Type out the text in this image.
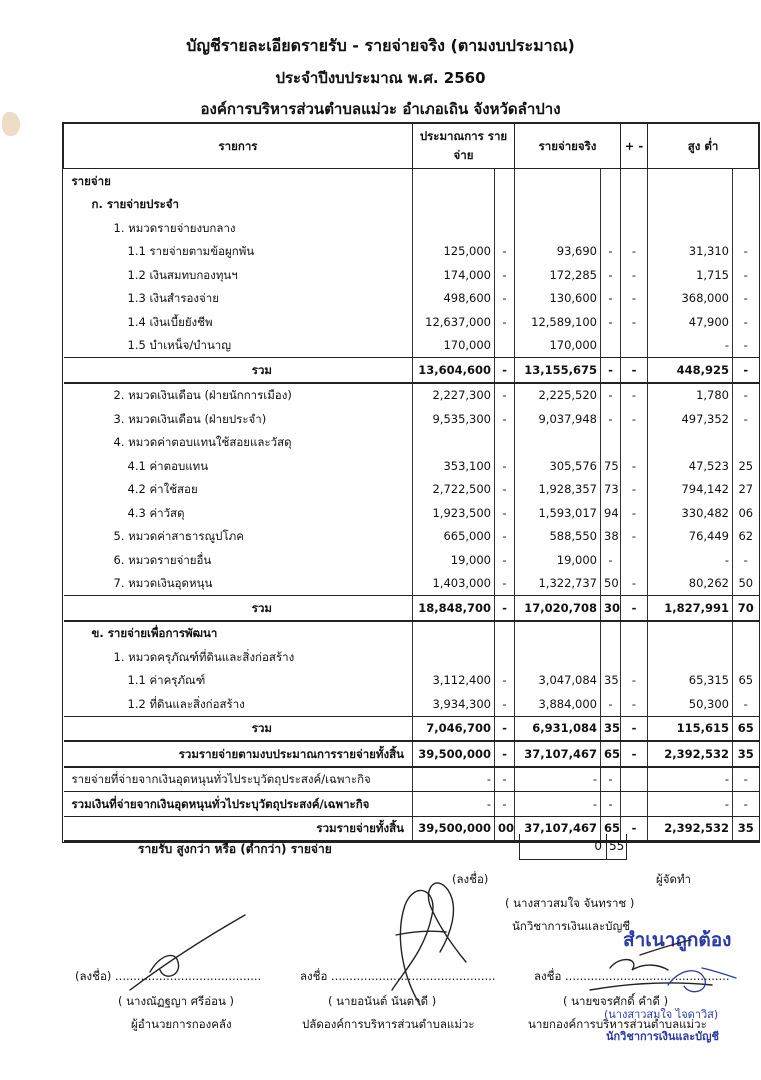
บัญชีรายละเอียดรายรับ - รายจ่ายจริง (ตามงบประมาณ)
ประจำปีงบประมาณ พ.ศ. 2560
องค์การบริหารส่วนตำบลแม่วะ อำเภอเถิน จังหวัดลำปาง
รายการ	ประมาณการ รายจ่าย		รายจ่ายจริง		+ -	สูง ต่ำ	
รายจ่าย							
ก. รายจ่ายประจำ							
1. หมวดรายจ่ายงบกลาง							
1.1 รายจ่ายตามข้อผูกพัน	125,000	-	93,690	-	-	31,310	-
1.2 เงินสมทบกองทุนฯ	174,000	-	172,285	-	-	1,715	-
1.3 เงินสำรองจ่าย	498,600	-	130,600	-	-	368,000	-
1.4 เงินเบี้ยยังชีพ	12,637,000	-	12,589,100	-	-	47,900	-
1.5 บำเหน็จ/บำนาญ	170,000		170,000			-	-
รวม	13,604,600	-	13,155,675	-	-	448,925	-
2. หมวดเงินเดือน (ฝ่ายนักการเมือง)	2,227,300	-	2,225,520	-	-	1,780	-
3. หมวดเงินเดือน (ฝ่ายประจำ)	9,535,300	-	9,037,948	-	-	497,352	-
4. หมวดค่าตอบแทนใช้สอยและวัสดุ							
4.1 ค่าตอบแทน	353,100	-	305,576	75	-	47,523	25
4.2 ค่าใช้สอย	2,722,500	-	1,928,357	73	-	794,142	27
4.3 ค่าวัสดุ	1,923,500	-	1,593,017	94	-	330,482	06
5. หมวดค่าสาธารณูปโภค	665,000	-	588,550	38	-	76,449	62
6. หมวดรายจ่ายอื่น	19,000	-	19,000	-		-	-
7. หมวดเงินอุดหนุน	1,403,000	-	1,322,737	50	-	80,262	50
รวม	18,848,700	-	17,020,708	30	-	1,827,991	70
ข. รายจ่ายเพื่อการพัฒนา							
1. หมวดครุภัณฑ์ที่ดินและสิ่งก่อสร้าง							
1.1 ค่าครุภัณฑ์	3,112,400	-	3,047,084	35	-	65,315	65
1.2 ที่ดินและสิ่งก่อสร้าง	3,934,300	-	3,884,000	-	-	50,300	-
รวม	7,046,700	-	6,931,084	35	-	115,615	65
รวมรายจ่ายตามงบประมาณการรายจ่ายทั้งสิ้น	39,500,000	-	37,107,467	65	-	2,392,532	35
รายจ่ายที่จ่ายจากเงินอุดหนุนทั่วไประบุวัตถุประสงค์/เฉพาะกิจ	-	-	-	-		-	-
รวมเงินที่จ่ายจากเงินอุดหนุนทั่วไประบุวัตถุประสงค์/เฉพาะกิจ	-	-	-	-		-	-
รวมรายจ่ายทั้งสิ้น	39,500,000	00	37,107,467	65	-	2,392,532	35
รายรับ สูงกว่า หรือ (ต่ำกว่า) รายจ่าย	0 55
(ลงชื่อ)	ผู้จัดทำ
( นางสาวสมใจ จันทราช )
นักวิชาการเงินและบัญชี
(ลงชื่อ) ........................................
( นางณัฏฐญา ศรีอ่อน )
ผู้อำนวยการกองคลัง
ลงชื่อ .............................................
( นายอนันต์ นันตาดี )
ปลัดองค์การบริหารส่วนตำบลแม่วะ
ลงชื่อ .............................................
( นายขจรศักดิ์ คำดี )
นายกองค์การบริหารส่วนตำบลแม่วะ
สำเนาถูกต้อง
(นางสาวสมใจ ไจดาวิส)
นักวิชาการเงินและบัญชี
